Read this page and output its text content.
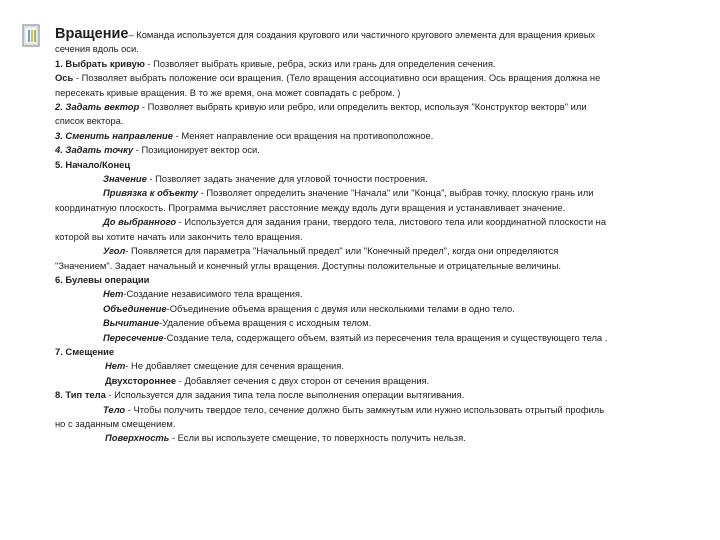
Вращение – Команда используется для создания кругового или частичного кругового элемента для вращения кривых
сечения вдоль оси.
1. Выбрать кривую - Позволяет выбрать кривые, ребра, эскиз или грань для определения сечения.
Ось - Позволяет выбрать положение оси вращения. (Тело вращения ассоциативно оси вращения. Ось вращения должна не
пересекать кривые вращения. В то же время, она может совпадать с ребром. )
2. Задать вектор - Позволяет выбрать кривую или ребро, или определить вектор, используя "Конструктор векторв" или
список вектора.
3. Сменить направление - Меняет направление оси вращения на противоположное.
4. Задать точку - Позиционирует вектор оси.
5. Начало/Конец
Значение - Позволяет задать значение для угловой точности построения.
Привязка к объекту - Позволяет определить значение "Начала" или "Конца", выбрав точку, плоскую грань или
координатную плоскость. Программа вычисляет расстояние между вдоль дуги вращения и устанавливает значение.
До выбранного - Используется для задания грани, твердого тела, листового тела или координатной плоскости на
которой вы хотите начать или закончить тело вращения.
Угол- Появляется для параметра "Начальный предел" или "Конечный предел", когда они определяются
"Значением". Задает начальный и конечный углы вращения. Доступны положительные и отрицательные величины.
6. Булевы операции
Нет-Создание независимого тела вращения.
Объединение-Объединение объема вращения с двумя или несколькими телами в одно тело.
Вычитание-Удаление объема вращения с исходным телом.
Пересечение-Создание тела, содержащего объем, взятый из пересечения тела вращения и существующего тела .
7. Смещение
Нет- Не добавляет смещение для сечения вращения.
Двухстороннее - Добавляет сечения с двух сторон от сечения вращения.
8. Тип тела - Используется для задания типа тела после выполнения операции вытягивания.
Тело - Чтобы получить твердое тело, сечение должно быть замкнутым или нужно использовать отрытый профиль
но с заданным смещением.
Поверхность - Если вы используете смещение, то поверхность получить нельзя.
